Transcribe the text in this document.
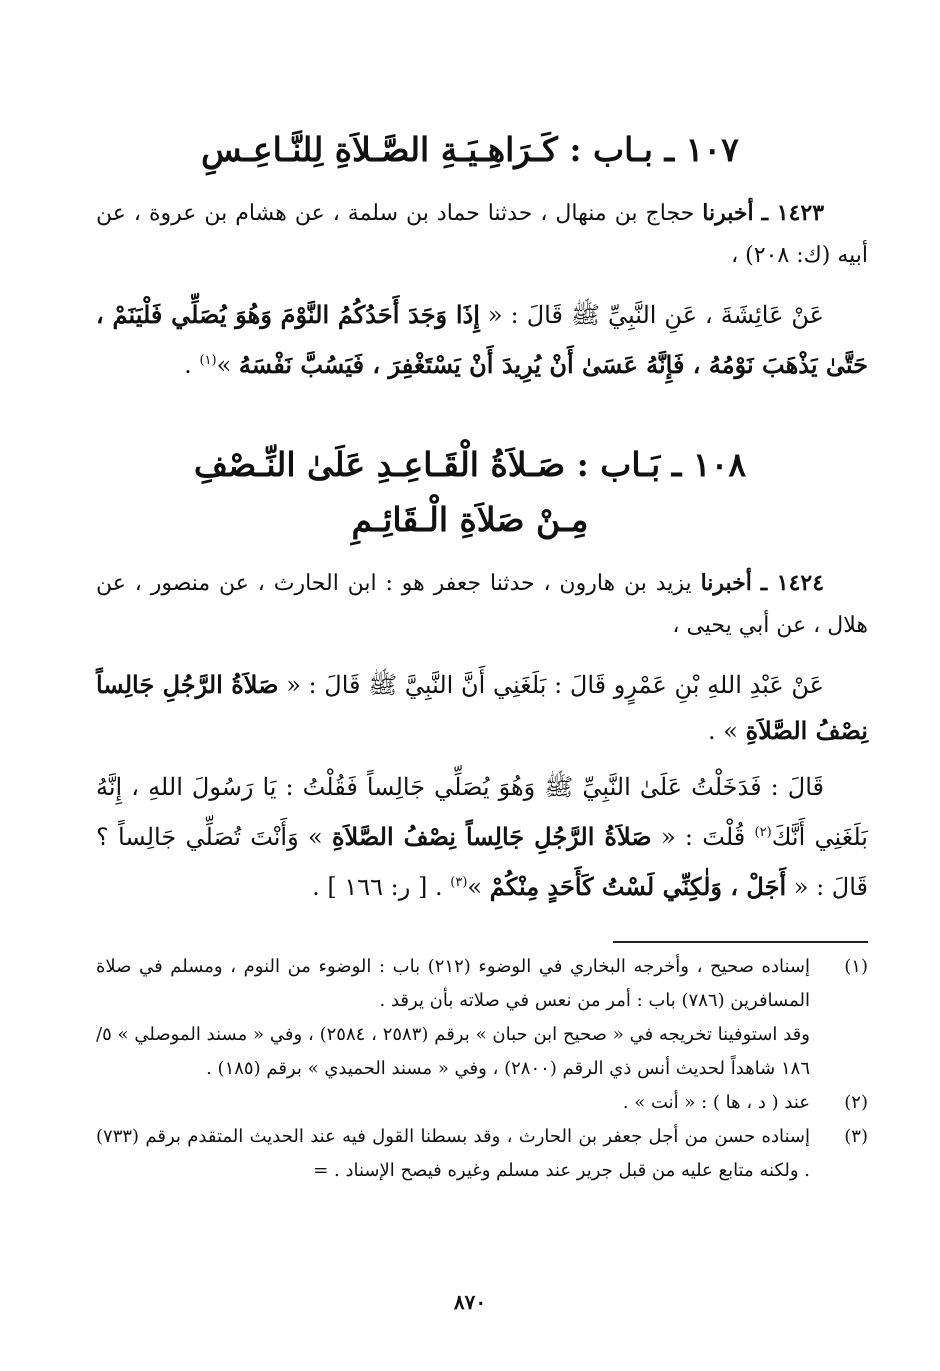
١٠٧ ـ بـاب : كَـرَاهِـيَـةِ الصَّـلاَةِ لِلنَّـاعِـسِ
١٤٢٣ ـ أخبرنا حجاج بن منهال ، حدثنا حماد بن سلمة ، عن هشام بن عروة ، عن أبيه (ك: ٢٠٨) ،
عَنْ عَائِشَةَ ، عَنِ النَّبِيِّ ﷺ قَالَ : « إِذَا وَجَدَ أَحَدُكُمُ النَّوْمَ وَهُوَ يُصَلِّي فَلْيَنَمْ ، حَتَّىٰ يَذْهَبَ نَوْمُهُ ، فَإِنَّهُ عَسَىٰ أَنْ يُرِيدَ أَنْ يَسْتَغْفِرَ ، فَيَسُبَّ نَفْسَهُ »$^{(١)}$ .
١٠٨ ـ بَـاب : صَـلاَةُ الْقَـاعِـدِ عَلَىٰ النِّـصْفِ
مِـنْ صَلاَةِ الْـقَائِـمِ
١٤٢٤ ـ أخبرنا يزيد بن هارون ، حدثنا جعفر هو : ابن الحارث ، عن منصور ، عن هلال ، عن أبي يحيى ،
عَنْ عَبْدِ اللهِ بْنِ عَمْرٍو قَالَ : بَلَغَنِي أَنَّ النَّبِيَّ ﷺ قَالَ : « صَلاَةُ الرَّجُلِ جَالِساً نِصْفُ الصَّلاَةِ » .
قَالَ : فَدَخَلْتُ عَلَىٰ النَّبِيِّ ﷺ وَهُوَ يُصَلِّي جَالِساً فَقُلْتُ : يَا رَسُولَ اللهِ ، إِنَّهُ بَلَغَنِي أَنَّكَ$^{(٢)}$ قُلْتَ : « صَلاَةُ الرَّجُلِ جَالِساً نِصْفُ الصَّلاَةِ » وَأَنْتَ تُصَلِّي جَالِساً ؟ قَالَ : « أَجَلْ ، وَلٰكِنِّي لَسْتُ كَأَحَدٍ مِنْكُمْ »$^{(٣)}$ . [ ر: ١٦٦ ] .
(١)
إسناده صحيح ، وأخرجه البخاري في الوضوء (٢١٢) باب : الوضوء من النوم ، ومسلم في صلاة المسافرين (٧٨٦) باب : أمر من نعس في صلاته بأن يرقد .
وقد استوفينا تخريجه في « صحيح ابن حبان » برقم (٢٥٨٣ ، ٢٥٨٤) ، وفي « مسند الموصلي » ٥/ ١٨٦ شاهداً لحديث أنس ذي الرقم (٢٨٠٠) ، وفي « مسند الحميدي » برقم (١٨٥) .
(٢)
عند ( د ، ها ) : « أنت » .
(٣)
إسناده حسن من أجل جعفر بن الحارث ، وقد بسطنا القول فيه عند الحديث المتقدم برقم (٧٣٣) . ولكنه متابع عليه من قبل جرير عند مسلم وغيره فيصح الإسناد . =
٨٧٠
